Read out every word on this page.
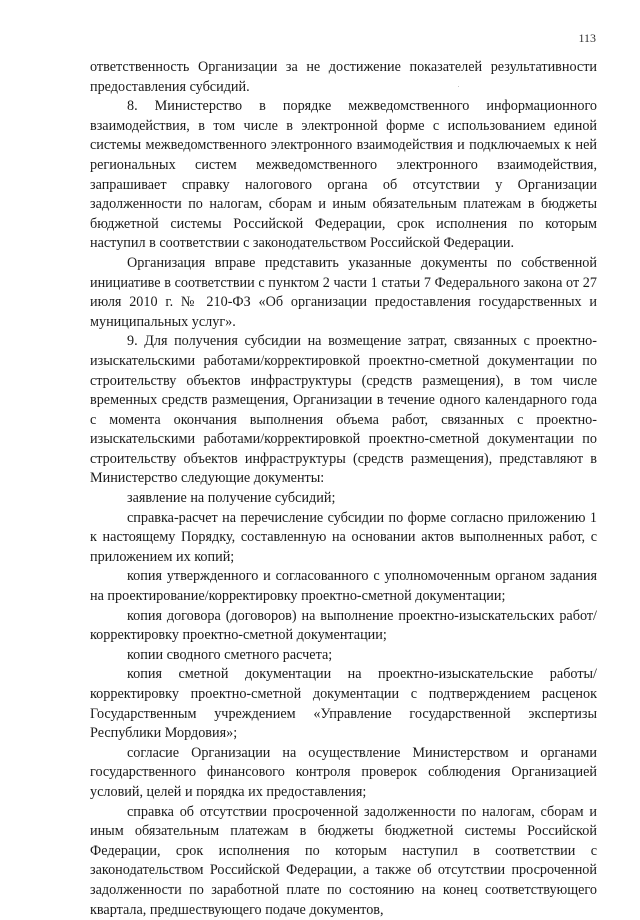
113

ответственность Организации за не достижение показателей результативности предоставления субсидий.

8. Министерство в порядке межведомственного информационного взаимодействия, в том числе в электронной форме с использованием единой системы межведомственного электронного взаимодействия и подключаемых к ней региональных систем межведомственного электронного взаимодействия, запрашивает справку налогового органа об отсутствии у Организации задолженности по налогам, сборам и иным обязательным платежам в бюджеты бюджетной системы Российской Федерации, срок исполнения по которым наступил в соответствии с законодательством Российской Федерации.

Организация вправе представить указанные документы по собственной инициативе в соответствии с пунктом 2 части 1 статьи 7 Федерального закона от 27 июля 2010 г. № 210-ФЗ «Об организации предоставления государственных и муниципальных услуг».

9. Для получения субсидии на возмещение затрат, связанных с проектно-изыскательскими работами/корректировкой проектно-сметной документации по строительству объектов инфраструктуры (средств размещения), в том числе временных средств размещения, Организации в течение одного календарного года с момента окончания выполнения объема работ, связанных с проектно-изыскательскими работами/корректировкой проектно-сметной документации по строительству объектов инфраструктуры (средств размещения), представляют в Министерство следующие документы:

заявление на получение субсидий;

справка-расчет на перечисление субсидии по форме согласно приложению 1 к настоящему Порядку, составленную на основании актов выполненных работ, с приложением их копий;

копия утвержденного и согласованного с уполномоченным органом задания на проектирование/корректировку проектно-сметной документации;

копия договора (договоров) на выполнение проектно-изыскательских работ/корректировку проектно-сметной документации;

копии сводного сметного расчета;

копия сметной документации на проектно-изыскательские работы/корректировку проектно-сметной документации с подтверждением расценок Государственным учреждением «Управление государственной экспертизы Республики Мордовия»;

согласие Организации на осуществление Министерством и органами государственного финансового контроля проверок соблюдения Организацией условий, целей и порядка их предоставления;

справка об отсутствии просроченной задолженности по налогам, сборам и иным обязательным платежам в бюджеты бюджетной системы Российской Федерации, срок исполнения по которым наступил в соответствии с законодательством Российской Федерации, а также об отсутствии просроченной задолженности по заработной плате по состоянию на конец соответствующего квартала, предшествующего подаче документов,
